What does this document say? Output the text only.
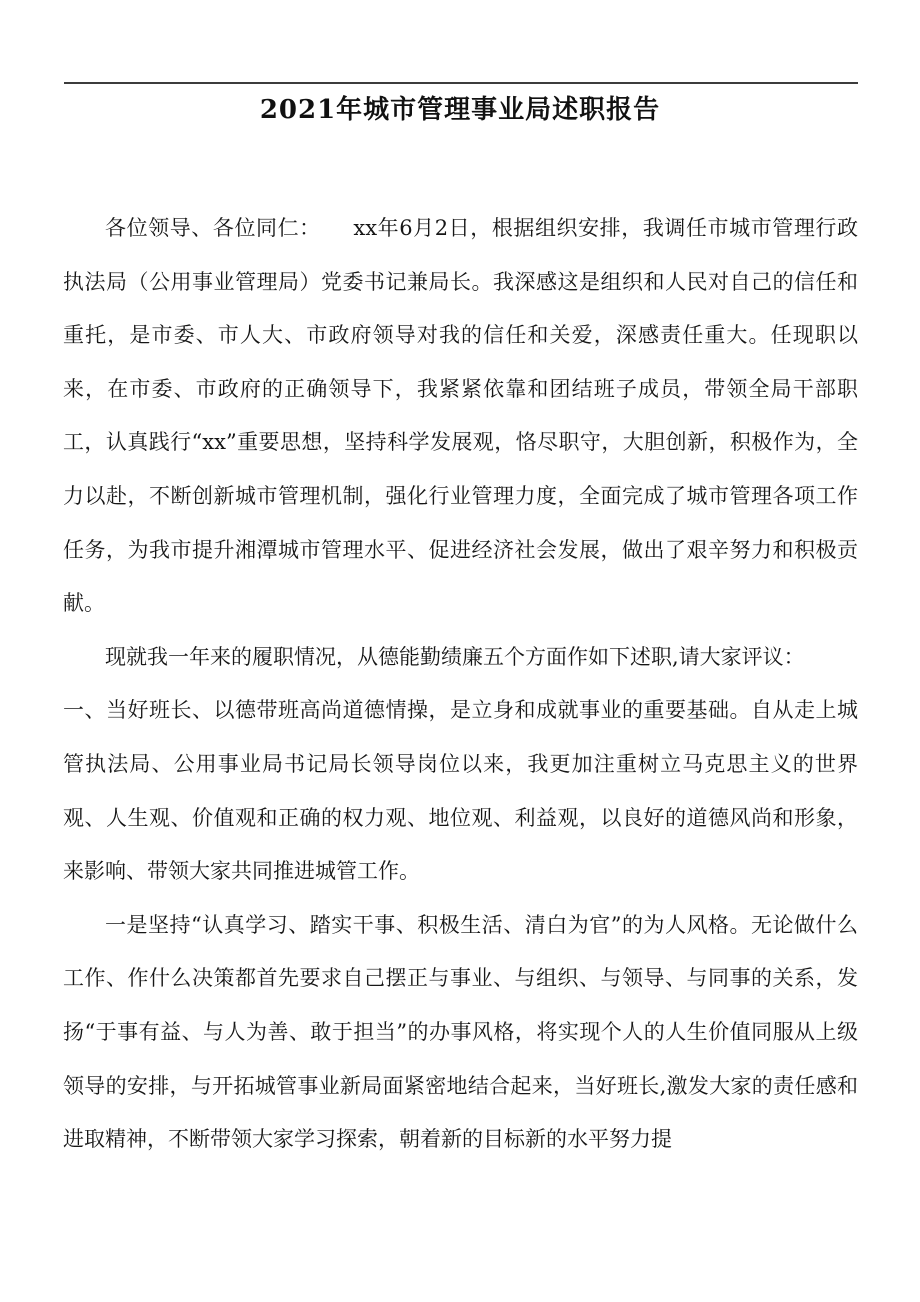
2021年城市管理事业局述职报告

各位领导、各位同仁：　　xx年6月2日，根据组织安排，我调任市城市管理行政执法局（公用事业管理局）党委书记兼局长。我深感这是组织和人民对自己的信任和重托，是市委、市人大、市政府领导对我的信任和关爱，深感责任重大。任现职以来，在市委、市政府的正确领导下，我紧紧依靠和团结班子成员，带领全局干部职工，认真践行“xx”重要思想，坚持科学发展观，恪尽职守，大胆创新，积极作为，全力以赴，不断创新城市管理机制，强化行业管理力度，全面完成了城市管理各项工作任务，为我市提升湘潭城市管理水平、促进经济社会发展，做出了艰辛努力和积极贡献。

现就我一年来的履职情况，从德能勤绩廉五个方面作如下述职,请大家评议：

一、当好班长、以德带班高尚道德情操，是立身和成就事业的重要基础。自从走上城管执法局、公用事业局书记局长领导岗位以来，我更加注重树立马克思主义的世界观、人生观、价值观和正确的权力观、地位观、利益观，以良好的道德风尚和形象，来影响、带领大家共同推进城管工作。

一是坚持“认真学习、踏实干事、积极生活、清白为官”的为人风格。无论做什么工作、作什么决策都首先要求自己摆正与事业、与组织、与领导、与同事的关系，发扬“于事有益、与人为善、敢于担当”的办事风格，将实现个人的人生价值同服从上级领导的安排，与开拓城管事业新局面紧密地结合起来，当好班长,激发大家的责任感和进取精神，不断带领大家学习探索，朝着新的目标新的水平努力提
